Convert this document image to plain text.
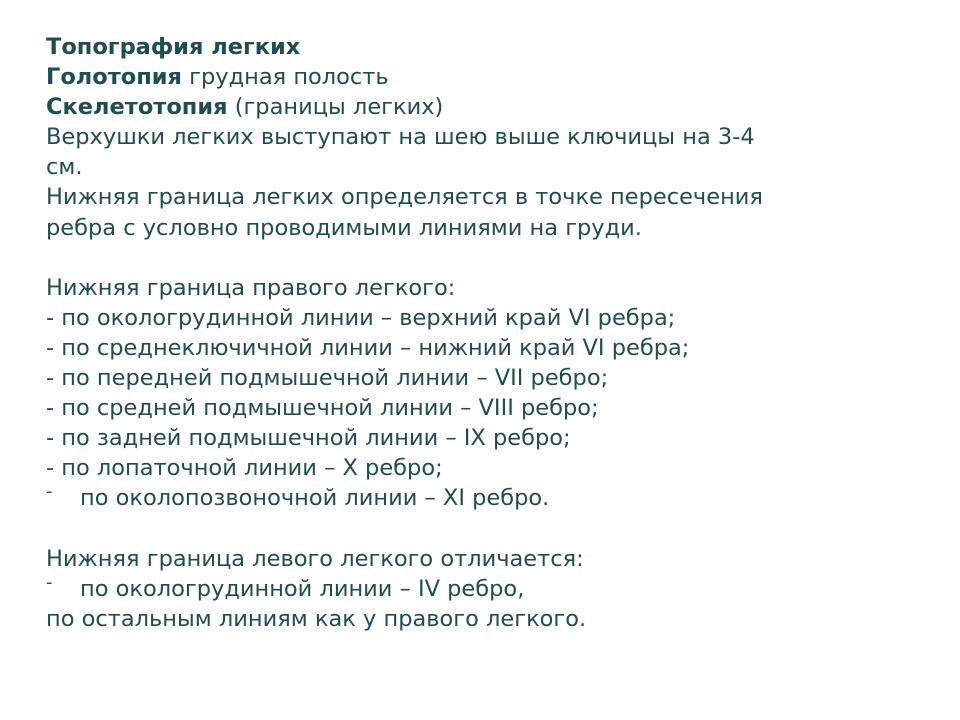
Топография легких
Голотопия грудная полость
Скелетотопия (границы легких)
Верхушки легких выступают на шею выше ключицы на 3-4
см.
Нижняя граница легких определяется в точке пересечения
ребра с условно проводимыми линиями на груди.
Нижняя граница правого легкого:
- по окологрудинной линии – верхний край VI ребра;
- по среднеключичной линии – нижний край VI ребра;
- по передней подмышечной линии – VII ребро;
- по средней подмышечной линии – VIII ребро;
- по задней подмышечной линии – IX ребро;
- по лопаточной линии – X ребро;
- по околопозвоночной линии – XI ребро.
Нижняя граница левого легкого отличается:
- по окологрудинной линии – IV ребро,
по остальным линиям как у правого легкого.
